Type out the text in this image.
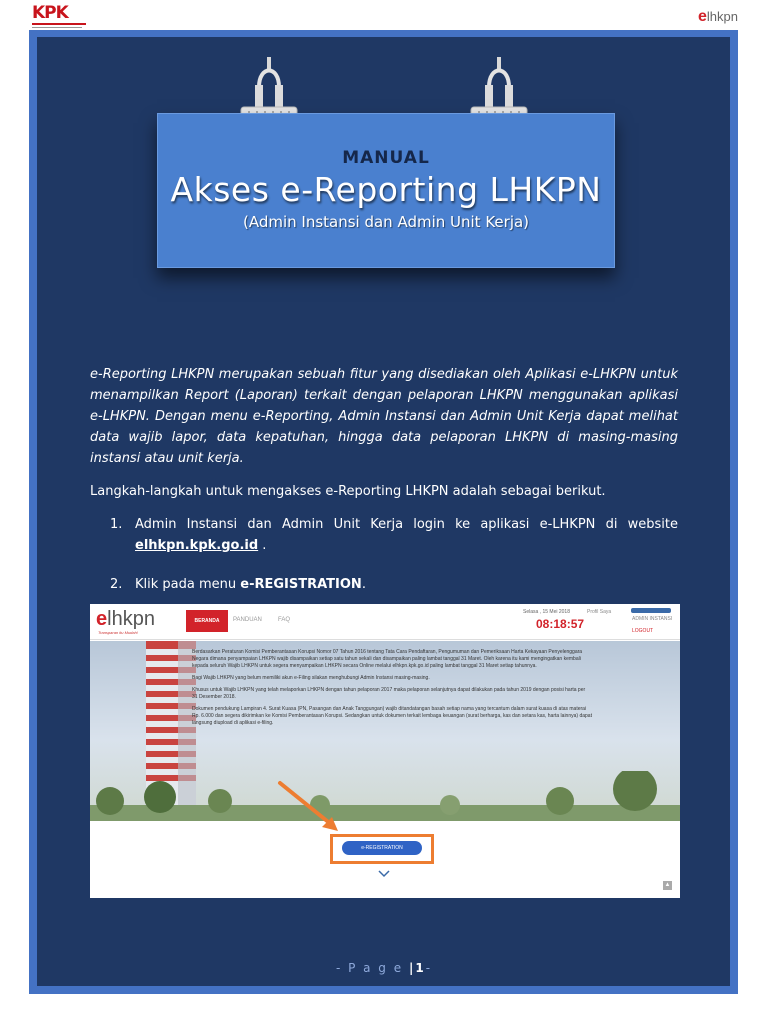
KPK	elhkpn
MANUAL
Akses e-Reporting LHKPN
(Admin Instansi dan Admin Unit Kerja)

e-Reporting LHKPN merupakan sebuah fitur yang disediakan oleh Aplikasi e-LHKPN untuk menampilkan Report (Laporan) terkait dengan pelaporan LHKPN menggunakan aplikasi e-LHKPN. Dengan menu e-Reporting, Admin Instansi dan Admin Unit Kerja dapat melihat data wajib lapor, data kepatuhan, hingga data pelaporan LHKPN di masing-masing instansi atau unit kerja.

Langkah-langkah untuk mengakses e-Reporting LHKPN adalah sebagai berikut.

1. Admin Instansi dan Admin Unit Kerja login ke aplikasi e-LHKPN di website elhkpn.kpk.go.id .
2. Klik pada menu e-REGISTRATION.
elhkpn
Transparan itu Mudah!
BERANDA	PANDUAN	FAQ
Selasa , 15 Mei 2018	Profil Saya
08:18:57	ADMIN INSTANSI
LOGOUT

Berdasarkan Peraturan Komisi Pemberantasan Korupsi Nomor 07 Tahun 2016 tentang Tata Cara Pendaftaran, Pengumuman dan Pemeriksaan Harta Kekayaan Penyelenggara Negara dimana penyampaian LHKPN wajib disampaikan setiap satu tahun sekali dan disampaikan paling lambat tanggal 31 Maret. Oleh karena itu kami mengingatkan kembali kepada seluruh Wajib LHKPN untuk segera menyampaikan LHKPN secara Online melalui elhkpn.kpk.go.id paling lambat tanggal 31 Maret setiap tahunnya.

Bagi Wajib LHKPN yang belum memiliki akun e-Filing silakan menghubungi Admin Instansi masing-masing.

Khusus untuk Wajib LHKPN yang telah melaporkan LHKPN dengan tahun pelaporan 2017 maka pelaporan selanjutnya dapat dilakukan pada tahun 2019 dengan posisi harta per 31 Desember 2018.

Dokumen pendukung Lampiran 4. Surat Kuasa (PN, Pasangan dan Anak Tanggungan) wajib ditandatangan basah setiap nama yang tercantum dalam surat kuasa di atas materai Rp. 6.000 dan segera dikirimkan ke Komisi Pemberantasan Korupsi. Sedangkan untuk dokumen terkait lembaga keuangan (surat berharga, kas dan setara kas, harta lainnya) dapat langsung diupload di aplikasi e-filing.

e-REGISTRATION
▲
- P a g e |1-
